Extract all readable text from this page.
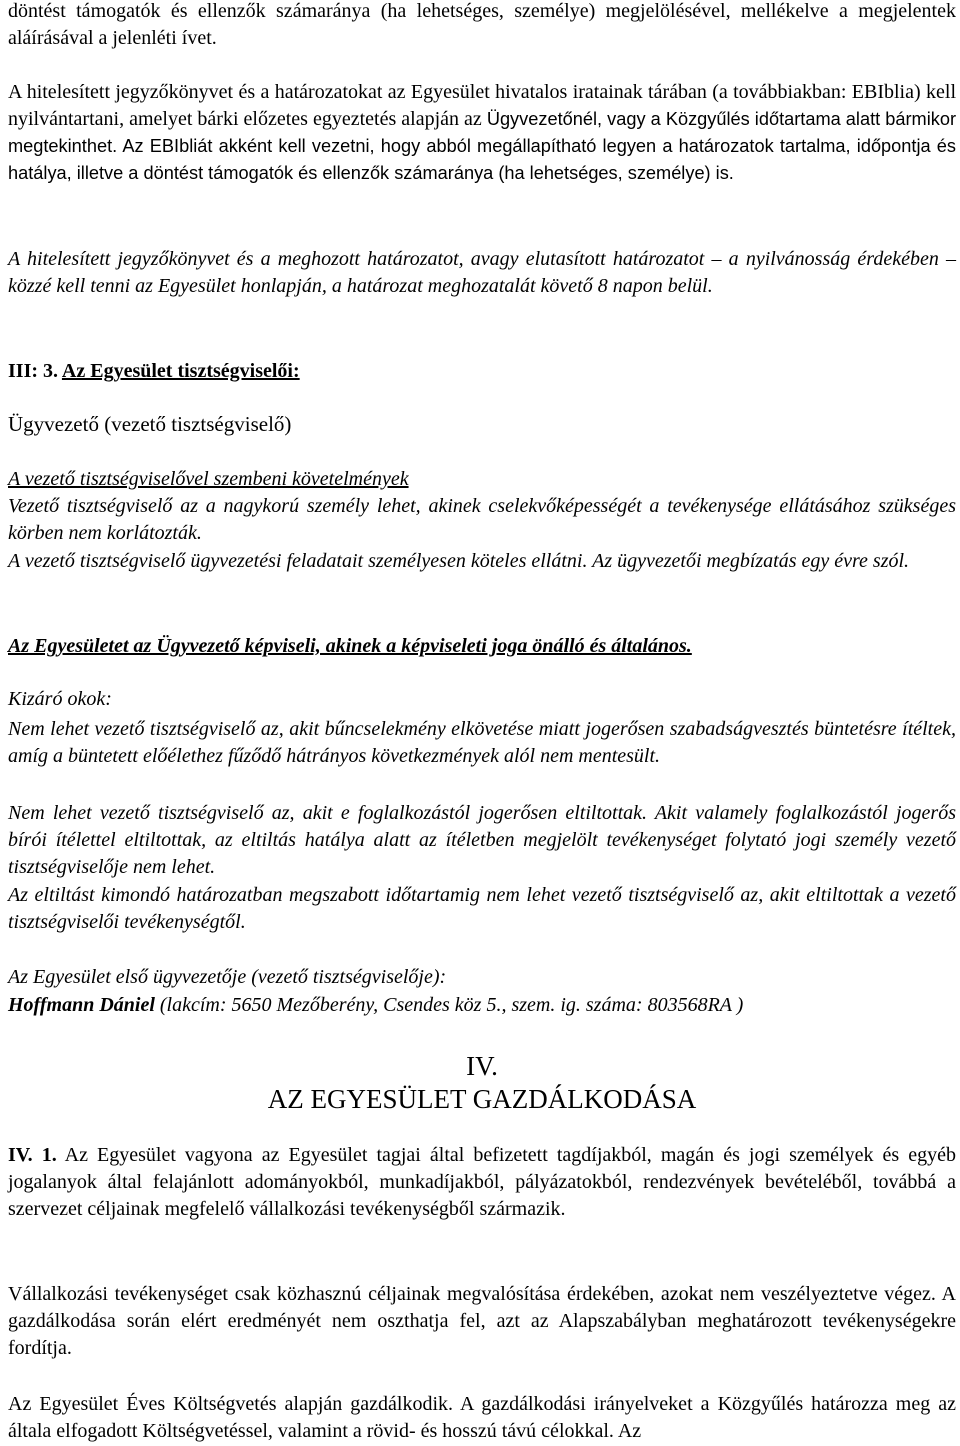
döntést támogatók és ellenzők számaránya (ha lehetséges, személye) megjelölésével, mellékelve a megjelentek aláírásával a jelenléti ívet.
A hitelesített jegyzőkönyvet és a határozatokat az Egyesület hivatalos iratainak tárában (a továbbiakban: EBIblia) kell nyilvántartani, amelyet bárki előzetes egyeztetés alapján az Ügyvezetőnél, vagy a Közgyűlés időtartama alatt bármikor megtekinthet. Az EBIbliát akként kell vezetni, hogy abból megállapítható legyen a határozatok tartalma, időpontja és hatálya, illetve a döntést támogatók és ellenzők számaránya (ha lehetséges, személye) is.
A hitelesített jegyzőkönyvet és a meghozott határozatot, avagy elutasított határozatot – a nyilvánosság érdekében – közzé kell tenni az Egyesület honlapján, a határozat meghozatalát követő 8 napon belül.
III: 3. Az Egyesület tisztségviselői:
Ügyvezető (vezető tisztségviselő)
A vezető tisztségviselővel szembeni követelmények
Vezető tisztségviselő az a nagykorú személy lehet, akinek cselekvőképességét a tevékenysége ellátásához szükséges körben nem korlátozták.
A vezető tisztségviselő ügyvezetési feladatait személyesen köteles ellátni. Az ügyvezetői megbízatás egy évre szól.
Az Egyesületet az Ügyvezető képviseli, akinek a képviseleti joga önálló és általános.
Kizáró okok:
Nem lehet vezető tisztségviselő az, akit bűncselekmény elkövetése miatt jogerősen szabadságvesztés büntetésre ítéltek, amíg a büntetett előélethez fűződő hátrányos következmények alól nem mentesült.
Nem lehet vezető tisztségviselő az, akit e foglalkozástól jogerősen eltiltottak. Akit valamely foglalkozástól jogerős bírói ítélettel eltiltottak, az eltiltás hatálya alatt az ítéletben megjelölt tevékenységet folytató jogi személy vezető tisztségviselője nem lehet.
Az eltiltást kimondó határozatban megszabott időtartamig nem lehet vezető tisztségviselő az, akit eltiltottak a vezető tisztségviselői tevékenységtől.
Az Egyesület első ügyvezetője (vezető tisztségviselője):
Hoffmann Dániel (lakcím: 5650 Mezőberény, Csendes köz 5., szem. ig. száma: 803568RA )
IV.
AZ EGYESÜLET GAZDÁLKODÁSA
IV. 1. Az Egyesület vagyona az Egyesület tagjai által befizetett tagdíjakból, magán és jogi személyek és egyéb jogalanyok által felajánlott adományokból, munkadíjakból, pályázatokból, rendezvények bevételéből, továbbá a szervezet céljainak megfelelő vállalkozási tevékenységből származik.
Vállalkozási tevékenységet csak közhasznú céljainak megvalósítása érdekében, azokat nem veszélyeztetve végez. A gazdálkodása során elért eredményét nem oszthatja fel, azt az Alapszabályban meghatározott tevékenységekre fordítja.
Az Egyesület Éves Költségvetés alapján gazdálkodik. A gazdálkodási irányelveket a Közgyűlés határozza meg az általa elfogadott Költségvetéssel, valamint a rövid- és hosszú távú célokkal. Az
